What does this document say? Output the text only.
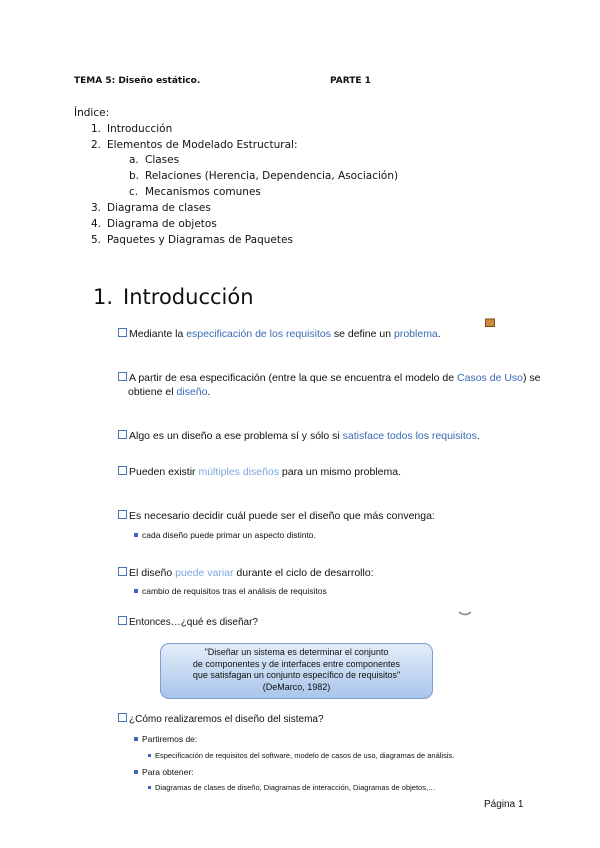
TEMA 5: Diseño estático.	PARTE 1
Índice:
1. Introducción
2. Elementos de Modelado Estructural:
a. Clases
b. Relaciones (Herencia, Dependencia, Asociación)
c. Mecanismos comunes
3. Diagrama de clases
4. Diagrama de objetos
5. Paquetes y Diagramas de Paquetes
1. Introducción
Mediante la especificación de los requisitos se define un problema.
A partir de esa especificación (entre la que se encuentra el modelo de Casos de Uso) se
obtiene el diseño.
Algo es un diseño a ese problema sí y sólo si satisface todos los requisitos.
Pueden existir múltiples diseños para un mismo problema.
Es necesario decidir cuál puede ser el diseño que más convenga:
cada diseño puede primar un aspecto distinto.
El diseño puede variar durante el ciclo de desarrollo:
cambio de requisitos tras el análisis de requisitos
Entonces…¿qué es diseñar?
"Diseñar un sistema es determinar el conjunto
de componentes y de interfaces entre componentes
que satisfagan un conjunto específico de requisitos"
(DeMarco, 1982)
¿Cómo realizaremos el diseño del sistema?
Partiremos de:
Especificación de requisitos del software, modelo de casos de uso, diagramas de análisis.
Para obtener:
Diagramas de clases de diseño, Diagramas de interacción, Diagramas de objetos,…
Página 1
